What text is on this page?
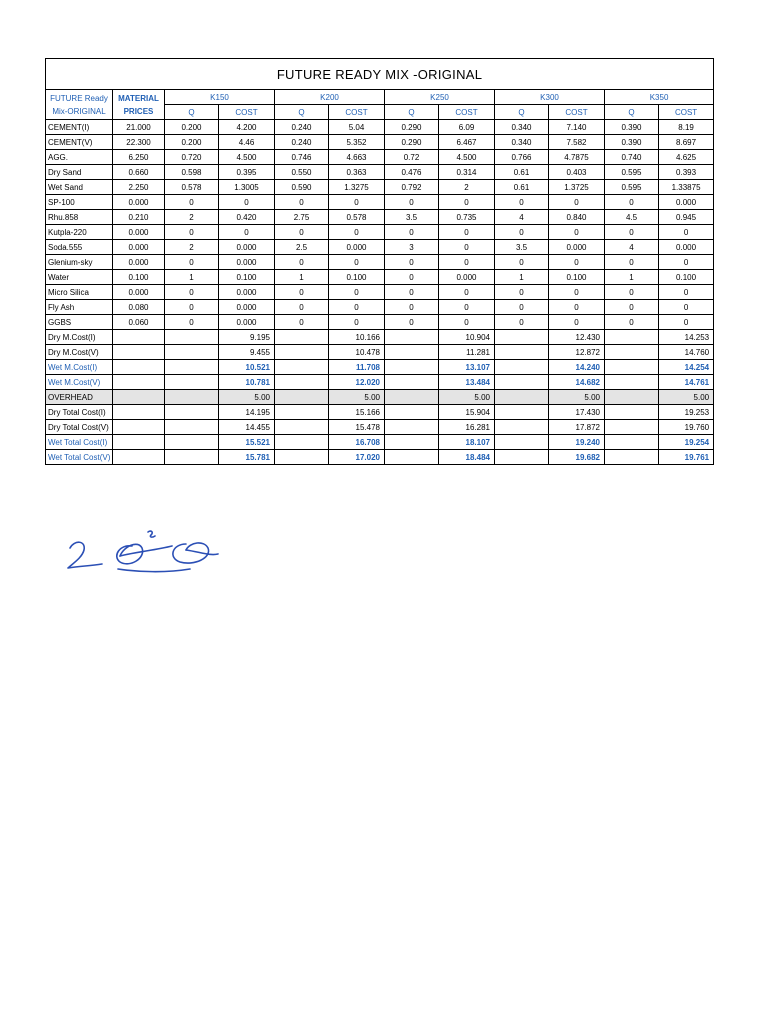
FUTURE READY MIX -ORIGINAL											
FUTURE Ready Mix-ORIGINAL	MATERIAL PRICES	K150		K200		K250		K300		K350	
		Q	COST	Q	COST	Q	COST	Q	COST	Q	COST
CEMENT(I)	21.000	0.200	4.200	0.240	5.04	0.290	6.09	0.340	7.140	0.390	8.19
CEMENT(V)	22.300	0.200	4.46	0.240	5.352	0.290	6.467	0.340	7.582	0.390	8.697
AGG.	6.250	0.720	4.500	0.746	4.663	0.72	4.500	0.766	4.7875	0.740	4.625
Dry Sand	0.660	0.598	0.395	0.550	0.363	0.476	0.314	0.61	0.403	0.595	0.393
Wet Sand	2.250	0.578	1.3005	0.590	1.3275	0.792	2	0.61	1.3725	0.595	1.33875
SP-100	0.000	0	0	0	0	0	0	0	0	0	0.000
Rhu.858	0.210	2	0.420	2.75	0.578	3.5	0.735	4	0.840	4.5	0.945
Kutpla-220	0.000	0	0	0	0	0	0	0	0	0	0
Soda.555	0.000	2	0.000	2.5	0.000	3	0	3.5	0.000	4	0.000
Glenium-sky	0.000	0	0.000	0	0	0	0	0	0	0	0
Water	0.100	1	0.100	1	0.100	0	0.000	1	0.100	1	0.100
Micro Silica	0.000	0	0.000	0	0	0	0	0	0	0	0
Fly Ash	0.080	0	0.000	0	0	0	0	0	0	0	0
GGBS	0.060	0	0.000	0	0	0	0	0	0	0	0
Dry M.Cost(I)			9.195		10.166		10.904		12.430		14.253
Dry M.Cost(V)			9.455		10.478		11.281		12.872		14.760
Wet M.Cost(I)			10.521		11.708		13.107		14.240		14.254
Wet M.Cost(V)			10.781		12.020		13.484		14.682		14.761
OVERHEAD			5.00		5.00		5.00		5.00		5.00
Dry Total Cost(I)			14.195		15.166		15.904		17.430		19.253
Dry Total Cost(V)			14.455		15.478		16.281		17.872		19.760
Wet Total Cost(I)			15.521		16.708		18.107		19.240		19.254
Wet Total Cost(V)			15.781		17.020		18.484		19.682		19.761
